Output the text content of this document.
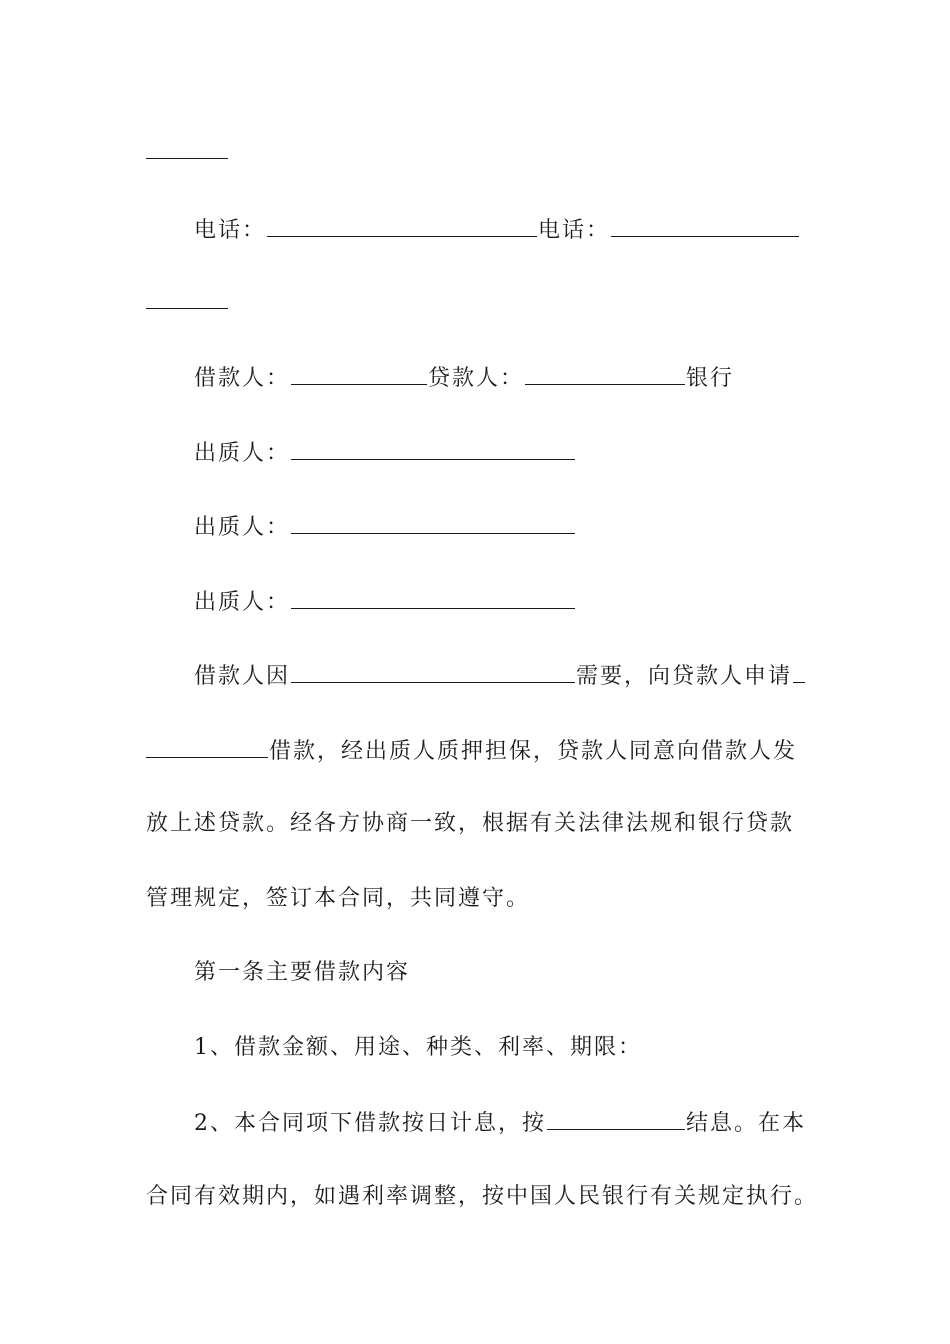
电话：	电话：
借款人：	贷款人：	银行
出质人：
出质人：
出质人：
借款人因	需要，向贷款人申请
借款，经出质人质押担保，贷款人同意向借款人发
放上述贷款。经各方协商一致，根据有关法律法规和银行贷款
管理规定，签订本合同，共同遵守。
第一条主要借款内容
1、借款金额、用途、种类、利率、期限：
2、本合同项下借款按日计息，按	结息。在本
合同有效期内，如遇利率调整，按中国人民银行有关规定执行。
